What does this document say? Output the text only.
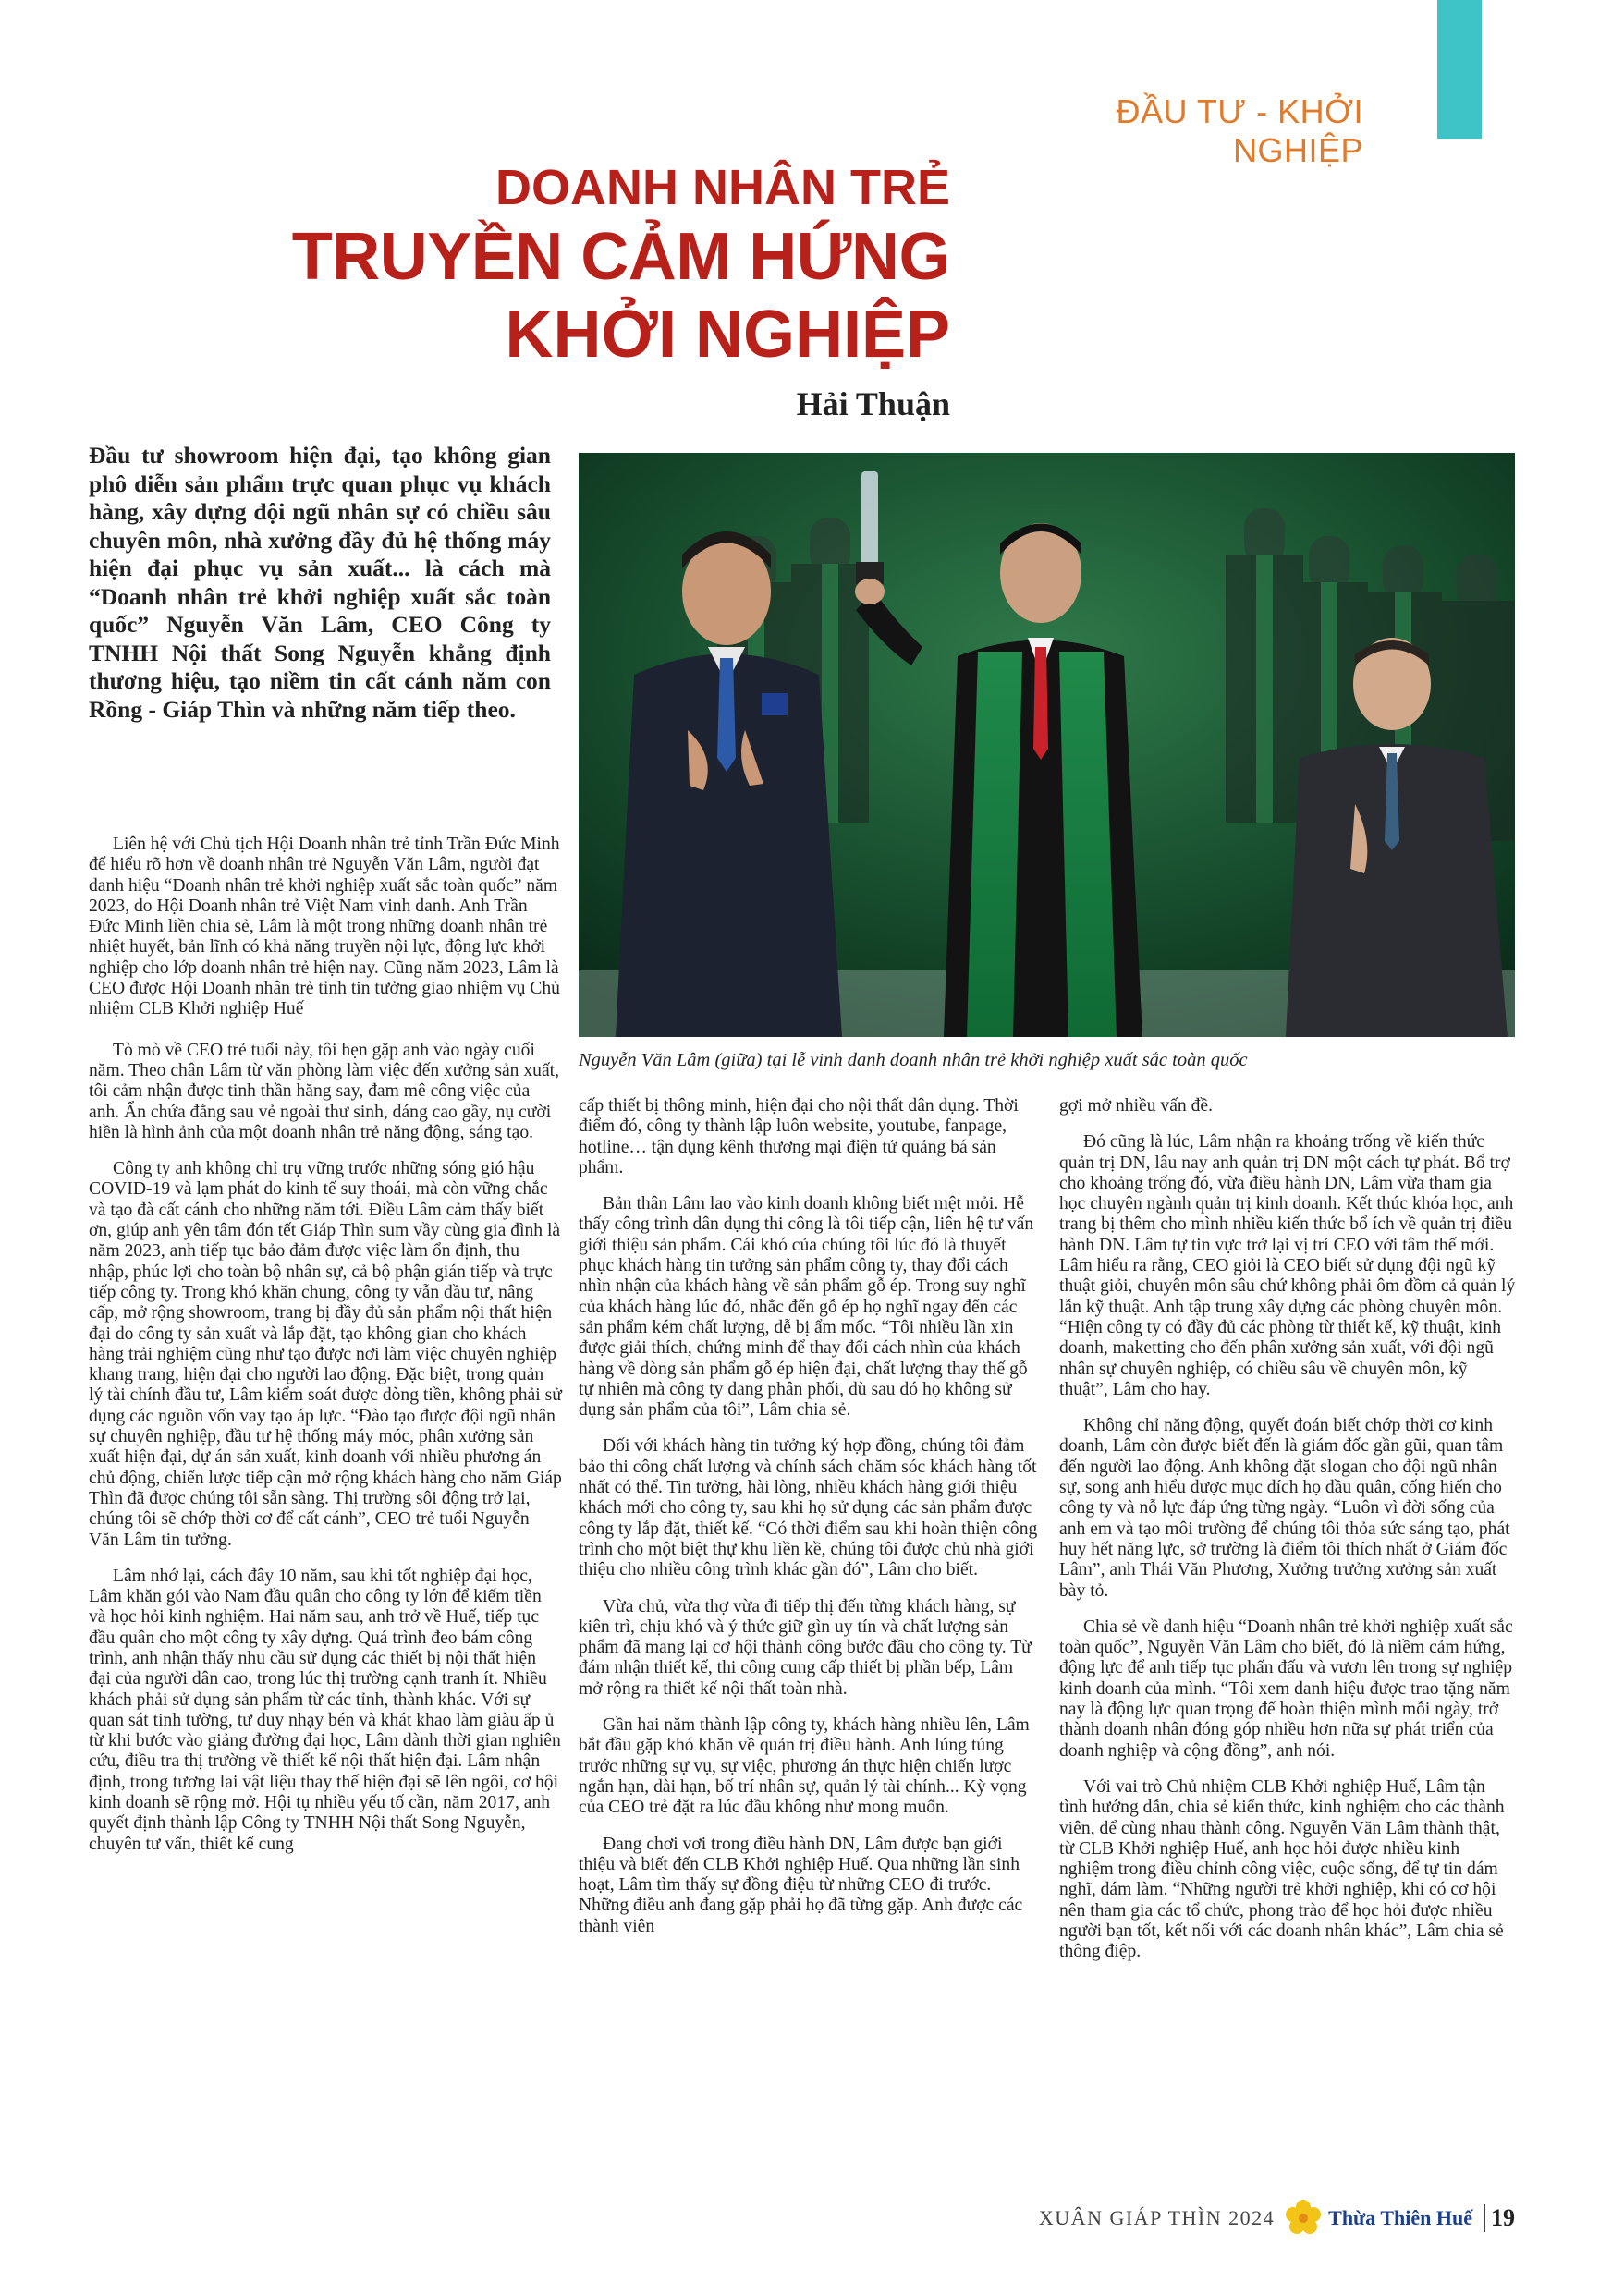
ĐẦU TƯ - KHỞI NGHIỆP
DOANH NHÂN TRẺ
TRUYỀN CẢM HỨNG
KHỞI NGHIỆP
Hải Thuận
Đầu tư showroom hiện đại, tạo không gian phô diễn sản phẩm trực quan phục vụ khách hàng, xây dựng đội ngũ nhân sự có chiều sâu chuyên môn, nhà xưởng đầy đủ hệ thống máy hiện đại phục vụ sản xuất... là cách mà “Doanh nhân trẻ khởi nghiệp xuất sắc toàn quốc” Nguyễn Văn Lâm, CEO Công ty TNHH Nội thất Song Nguyễn khẳng định thương hiệu, tạo niềm tin cất cánh năm con Rồng - Giáp Thìn và những năm tiếp theo.
Nguyễn Văn Lâm (giữa) tại lễ vinh danh doanh nhân trẻ khởi nghiệp xuất sắc toàn quốc

Liên hệ với Chủ tịch Hội Doanh nhân trẻ tỉnh Trần Đức Minh để hiểu rõ hơn về doanh nhân trẻ Nguyễn Văn Lâm, người đạt danh hiệu “Doanh nhân trẻ khởi nghiệp xuất sắc toàn quốc” năm 2023, do Hội Doanh nhân trẻ Việt Nam vinh danh. Anh Trần Đức Minh liền chia sẻ, Lâm là một trong những doanh nhân trẻ nhiệt huyết, bản lĩnh có khả năng truyền nội lực, động lực khởi nghiệp cho lớp doanh nhân trẻ hiện nay. Cũng năm 2023, Lâm là CEO được Hội Doanh nhân trẻ tỉnh tin tưởng giao nhiệm vụ Chủ nhiệm CLB Khởi nghiệp Huế

Tò mò về CEO trẻ tuổi này, tôi hẹn gặp anh vào ngày cuối năm. Theo chân Lâm từ văn phòng làm việc đến xưởng sản xuất, tôi cảm nhận được tinh thần hăng say, đam mê công việc của anh. Ẩn chứa đằng sau vẻ ngoài thư sinh, dáng cao gầy, nụ cười hiền là hình ảnh của một doanh nhân trẻ năng động, sáng tạo.

Công ty anh không chỉ trụ vững trước những sóng gió hậu COVID-19 và lạm phát do kinh tế suy thoái, mà còn vững chắc và tạo đà cất cánh cho những năm tới. Điều Lâm cảm thấy biết ơn, giúp anh yên tâm đón tết Giáp Thìn sum vầy cùng gia đình là năm 2023, anh tiếp tục bảo đảm được việc làm ổn định, thu nhập, phúc lợi cho toàn bộ nhân sự, cả bộ phận gián tiếp và trực tiếp công ty. Trong khó khăn chung, công ty vẫn đầu tư, nâng cấp, mở rộng showroom, trang bị đầy đủ sản phẩm nội thất hiện đại do công ty sản xuất và lắp đặt, tạo không gian cho khách hàng trải nghiệm cũng như tạo được nơi làm việc chuyên nghiệp khang trang, hiện đại cho người lao động. Đặc biệt, trong quản lý tài chính đầu tư, Lâm kiểm soát được dòng tiền, không phải sử dụng các nguồn vốn vay tạo áp lực. “Đào tạo được đội ngũ nhân sự chuyên nghiệp, đầu tư hệ thống máy móc, phân xưởng sản xuất hiện đại, dự án sản xuất, kinh doanh với nhiều phương án chủ động, chiến lược tiếp cận mở rộng khách hàng cho năm Giáp Thìn đã được chúng tôi sẵn sàng. Thị trường sôi động trở lại, chúng tôi sẽ chớp thời cơ để cất cánh”, CEO trẻ tuổi Nguyễn Văn Lâm tin tưởng.

Lâm nhớ lại, cách đây 10 năm, sau khi tốt nghiệp đại học, Lâm khăn gói vào Nam đầu quân cho công ty lớn để kiếm tiền và học hỏi kinh nghiệm. Hai năm sau, anh trở về Huế, tiếp tục đầu quân cho một công ty xây dựng. Quá trình đeo bám công trình, anh nhận thấy nhu cầu sử dụng các thiết bị nội thất hiện đại của người dân cao, trong lúc thị trường cạnh tranh ít. Nhiều khách phải sử dụng sản phẩm từ các tỉnh, thành khác. Với sự quan sát tinh tường, tư duy nhạy bén và khát khao làm giàu ấp ủ từ khi bước vào giảng đường đại học, Lâm dành thời gian nghiên cứu, điều tra thị trường về thiết kế nội thất hiện đại. Lâm nhận định, trong tương lai vật liệu thay thế hiện đại sẽ lên ngôi, cơ hội kinh doanh sẽ rộng mở. Hội tụ nhiều yếu tố cần, năm 2017, anh quyết định thành lập Công ty TNHH Nội thất Song Nguyễn, chuyên tư vấn, thiết kế cung

cấp thiết bị thông minh, hiện đại cho nội thất dân dụng. Thời điểm đó, công ty thành lập luôn website, youtube, fanpage, hotline… tận dụng kênh thương mại điện tử quảng bá sản phẩm.

Bản thân Lâm lao vào kinh doanh không biết mệt mỏi. Hễ thấy công trình dân dụng thi công là tôi tiếp cận, liên hệ tư vấn giới thiệu sản phẩm. Cái khó của chúng tôi lúc đó là thuyết phục khách hàng tin tưởng sản phẩm công ty, thay đổi cách nhìn nhận của khách hàng về sản phẩm gỗ ép. Trong suy nghĩ của khách hàng lúc đó, nhắc đến gỗ ép họ nghĩ ngay đến các sản phẩm kém chất lượng, dễ bị ẩm mốc. “Tôi nhiều lần xin được giải thích, chứng minh để thay đổi cách nhìn của khách hàng về dòng sản phẩm gỗ ép hiện đại, chất lượng thay thế gỗ tự nhiên mà công ty đang phân phối, dù sau đó họ không sử dụng sản phẩm của tôi”, Lâm chia sẻ.

Đối với khách hàng tin tưởng ký hợp đồng, chúng tôi đảm bảo thi công chất lượng và chính sách chăm sóc khách hàng tốt nhất có thể. Tin tưởng, hài lòng, nhiều khách hàng giới thiệu khách mới cho công ty, sau khi họ sử dụng các sản phẩm được công ty lắp đặt, thiết kế. “Có thời điểm sau khi hoàn thiện công trình cho một biệt thự khu liền kề, chúng tôi được chủ nhà giới thiệu cho nhiều công trình khác gần đó”, Lâm cho biết.

Vừa chủ, vừa thợ vừa đi tiếp thị đến từng khách hàng, sự kiên trì, chịu khó và ý thức giữ gìn uy tín và chất lượng sản phẩm đã mang lại cơ hội thành công bước đầu cho công ty. Từ đám nhận thiết kế, thi công cung cấp thiết bị phần bếp, Lâm mở rộng ra thiết kế nội thất toàn nhà.

Gần hai năm thành lập công ty, khách hàng nhiều lên, Lâm bắt đầu gặp khó khăn về quản trị điều hành. Anh lúng túng trước những sự vụ, sự việc, phương án thực hiện chiến lược ngắn hạn, dài hạn, bố trí nhân sự, quản lý tài chính... Kỳ vọng của CEO trẻ đặt ra lúc đầu không như mong muốn.

Đang chơi vơi trong điều hành DN, Lâm được bạn giới thiệu và biết đến CLB Khởi nghiệp Huế. Qua những lần sinh hoạt, Lâm tìm thấy sự đồng điệu từ những CEO đi trước. Những điều anh đang gặp phải họ đã từng gặp. Anh được các thành viên

gợi mở nhiều vấn đề.

Đó cũng là lúc, Lâm nhận ra khoảng trống về kiến thức quản trị DN, lâu nay anh quản trị DN một cách tự phát. Bổ trợ cho khoảng trống đó, vừa điều hành DN, Lâm vừa tham gia học chuyên ngành quản trị kinh doanh. Kết thúc khóa học, anh trang bị thêm cho mình nhiều kiến thức bổ ích về quản trị điều hành DN. Lâm tự tin vực trở lại vị trí CEO với tâm thế mới. Lâm hiểu ra rằng, CEO giỏi là CEO biết sử dụng đội ngũ kỹ thuật giỏi, chuyên môn sâu chứ không phải ôm đồm cả quản lý lẫn kỹ thuật. Anh tập trung xây dựng các phòng chuyên môn. “Hiện công ty có đầy đủ các phòng từ thiết kế, kỹ thuật, kinh doanh, maketting cho đến phân xưởng sản xuất, với đội ngũ nhân sự chuyên nghiệp, có chiều sâu về chuyên môn, kỹ thuật”, Lâm cho hay.

Không chỉ năng động, quyết đoán biết chớp thời cơ kinh doanh, Lâm còn được biết đến là giám đốc gần gũi, quan tâm đến người lao động. Anh không đặt slogan cho đội ngũ nhân sự, song anh hiểu được mục đích họ đầu quân, cống hiến cho công ty và nỗ lực đáp ứng từng ngày. “Luôn vì đời sống của anh em và tạo môi trường để chúng tôi thỏa sức sáng tạo, phát huy hết năng lực, sở trường là điểm tôi thích nhất ở Giám đốc Lâm”, anh Thái Văn Phương, Xưởng trưởng xưởng sản xuất bày tỏ.

Chia sẻ về danh hiệu “Doanh nhân trẻ khởi nghiệp xuất sắc toàn quốc”, Nguyễn Văn Lâm cho biết, đó là niềm cảm hứng, động lực để anh tiếp tục phấn đấu và vươn lên trong sự nghiệp kinh doanh của mình. “Tôi xem danh hiệu được trao tặng năm nay là động lực quan trọng để hoàn thiện mình mỗi ngày, trở thành doanh nhân đóng góp nhiều hơn nữa sự phát triển của doanh nghiệp và cộng đồng”, anh nói.

Với vai trò Chủ nhiệm CLB Khởi nghiệp Huế, Lâm tận tình hướng dẫn, chia sẻ kiến thức, kinh nghiệm cho các thành viên, để cùng nhau thành công. Nguyễn Văn Lâm thành thật, từ CLB Khởi nghiệp Huế, anh học hỏi được nhiều kinh nghiệm trong điều chỉnh công việc, cuộc sống, để tự tin dám nghĩ, dám làm. “Những người trẻ khởi nghiệp, khi có cơ hội nên tham gia các tổ chức, phong trào để học hỏi được nhiều người bạn tốt, kết nối với các doanh nhân khác”, Lâm chia sẻ thông điệp.

XUÂN GIÁP THÌN 2024	Thừa Thiên Huế 19
